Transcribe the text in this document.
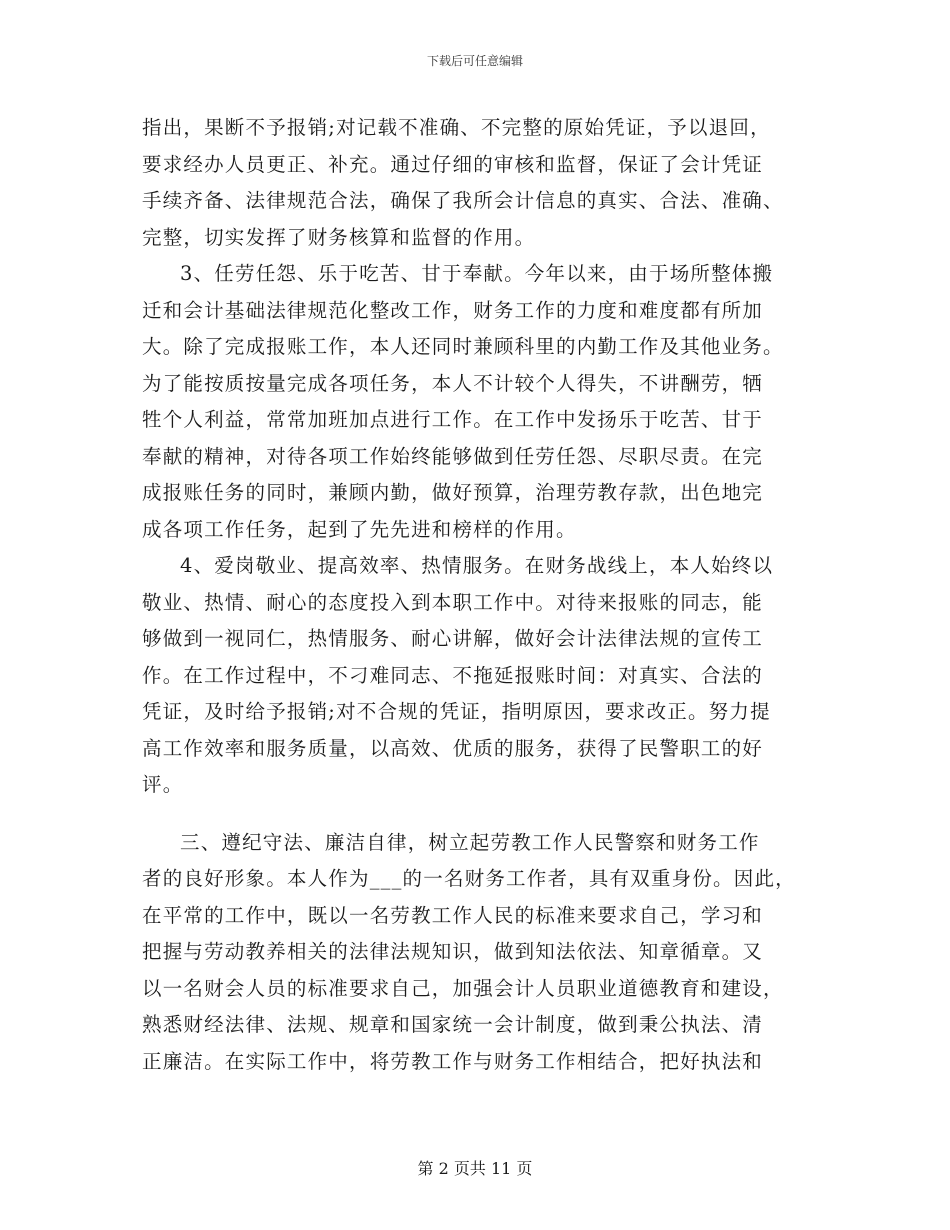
下载后可任意编辑
指出，果断不予报销;对记载不准确、不完整的原始凭证，予以退回，
要求经办人员更正、补充。通过仔细的审核和监督，保证了会计凭证
手续齐备、法律规范合法，确保了我所会计信息的真实、合法、准确、
完整，切实发挥了财务核算和监督的作用。
3、任劳任怨、乐于吃苦、甘于奉献。今年以来，由于场所整体搬
迁和会计基础法律规范化整改工作，财务工作的力度和难度都有所加
大。除了完成报账工作，本人还同时兼顾科里的内勤工作及其他业务。
为了能按质按量完成各项任务，本人不计较个人得失，不讲酬劳，牺
牲个人利益，常常加班加点进行工作。在工作中发扬乐于吃苦、甘于
奉献的精神，对待各项工作始终能够做到任劳任怨、尽职尽责。在完
成报账任务的同时，兼顾内勤，做好预算，治理劳教存款，出色地完
成各项工作任务，起到了先先进和榜样的作用。
4、爱岗敬业、提高效率、热情服务。在财务战线上，本人始终以
敬业、热情、耐心的态度投入到本职工作中。对待来报账的同志，能
够做到一视同仁，热情服务、耐心讲解，做好会计法律法规的宣传工
作。在工作过程中，不刁难同志、不拖延报账时间：对真实、合法的
凭证，及时给予报销;对不合规的凭证，指明原因，要求改正。努力提
高工作效率和服务质量，以高效、优质的服务，获得了民警职工的好
评。
三、遵纪守法、廉洁自律，树立起劳教工作人民警察和财务工作
者的良好形象。本人作为___的一名财务工作者，具有双重身份。因此，
在平常的工作中，既以一名劳教工作人民的标准来要求自己，学习和
把握与劳动教养相关的法律法规知识，做到知法依法、知章循章。又
以一名财会人员的标准要求自己，加强会计人员职业道德教育和建设，
熟悉财经法律、法规、规章和国家统一会计制度，做到秉公执法、清
正廉洁。在实际工作中，将劳教工作与财务工作相结合，把好执法和
第 2 页共 11 页
